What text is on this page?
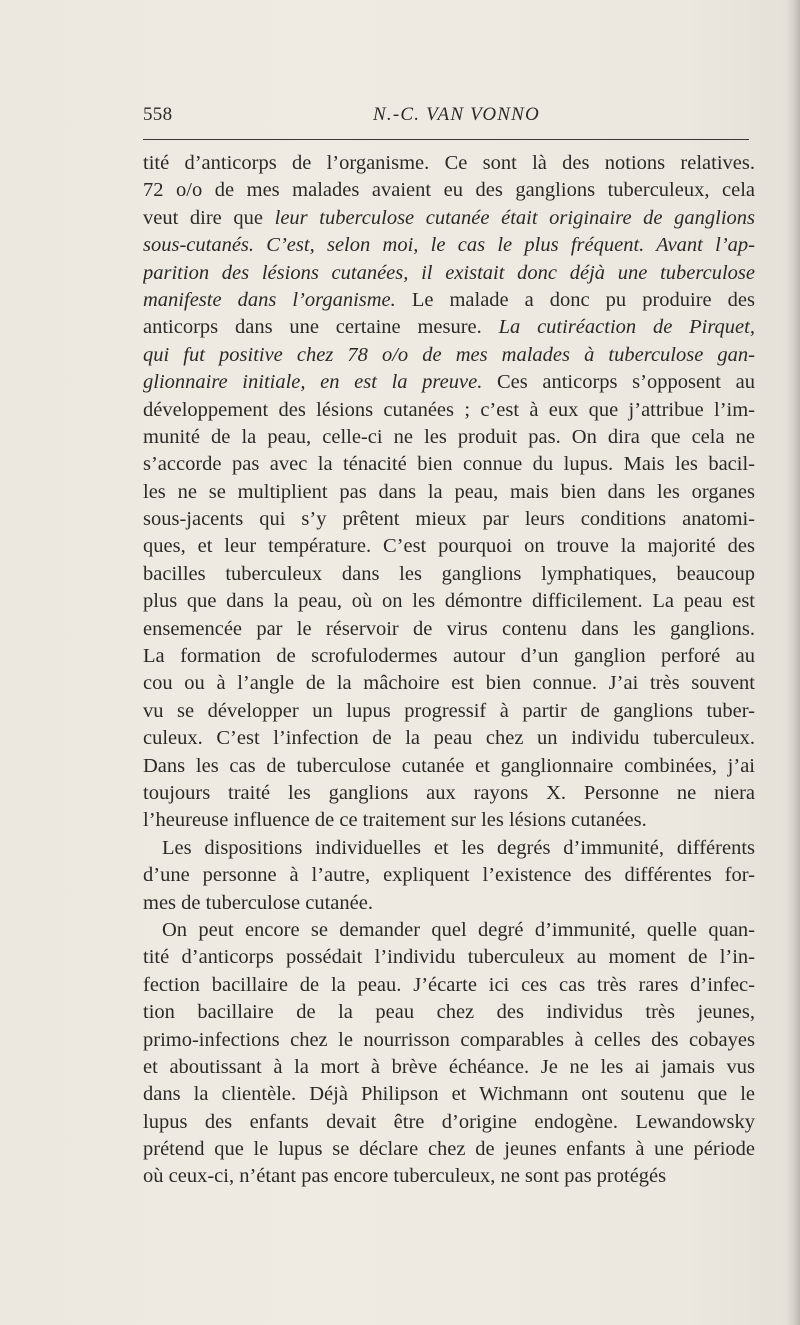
558	N.-C. VAN VONNO
tité d’anticorps de l’organisme. Ce sont là des notions relatives.
72 o/o de mes malades avaient eu des ganglions tuberculeux, cela
veut dire que leur tuberculose cutanée était originaire de ganglions
sous-cutanés. C’est, selon moi, le cas le plus fréquent. Avant l’ap-
parition des lésions cutanées, il existait donc déjà une tuberculose
manifeste dans l’organisme. Le malade a donc pu produire des
anticorps dans une certaine mesure. La cutiréaction de Pirquet,
qui fut positive chez 78 o/o de mes malades à tuberculose gan-
glionnaire initiale, en est la preuve. Ces anticorps s’opposent au
développement des lésions cutanées ; c’est à eux que j’attribue l’im-
munité de la peau, celle-ci ne les produit pas. On dira que cela ne
s’accorde pas avec la ténacité bien connue du lupus. Mais les bacil-
les ne se multiplient pas dans la peau, mais bien dans les organes
sous-jacents qui s’y prêtent mieux par leurs conditions anatomi-
ques, et leur température. C’est pourquoi on trouve la majorité des
bacilles tuberculeux dans les ganglions lymphatiques, beaucoup
plus que dans la peau, où on les démontre difficilement. La peau est
ensemencée par le réservoir de virus contenu dans les ganglions.
La formation de scrofulodermes autour d’un ganglion perforé au
cou ou à l’angle de la mâchoire est bien connue. J’ai très souvent
vu se développer un lupus progressif à partir de ganglions tuber-
culeux. C’est l’infection de la peau chez un individu tuberculeux.
Dans les cas de tuberculose cutanée et ganglionnaire combinées, j’ai
toujours traité les ganglions aux rayons X. Personne ne niera
l’heureuse influence de ce traitement sur les lésions cutanées.
Les dispositions individuelles et les degrés d’immunité, différents
d’une personne à l’autre, expliquent l’existence des différentes for-
mes de tuberculose cutanée.
On peut encore se demander quel degré d’immunité, quelle quan-
tité d’anticorps possédait l’individu tuberculeux au moment de l’in-
fection bacillaire de la peau. J’écarte ici ces cas très rares d’infec-
tion bacillaire de la peau chez des individus très jeunes,
primo-infections chez le nourrisson comparables à celles des cobayes
et aboutissant à la mort à brève échéance. Je ne les ai jamais vus
dans la clientèle. Déjà Philipson et Wichmann ont soutenu que le
lupus des enfants devait être d’origine endogène. Lewandowsky
prétend que le lupus se déclare chez de jeunes enfants à une période
où ceux-ci, n’étant pas encore tuberculeux, ne sont pas protégés
